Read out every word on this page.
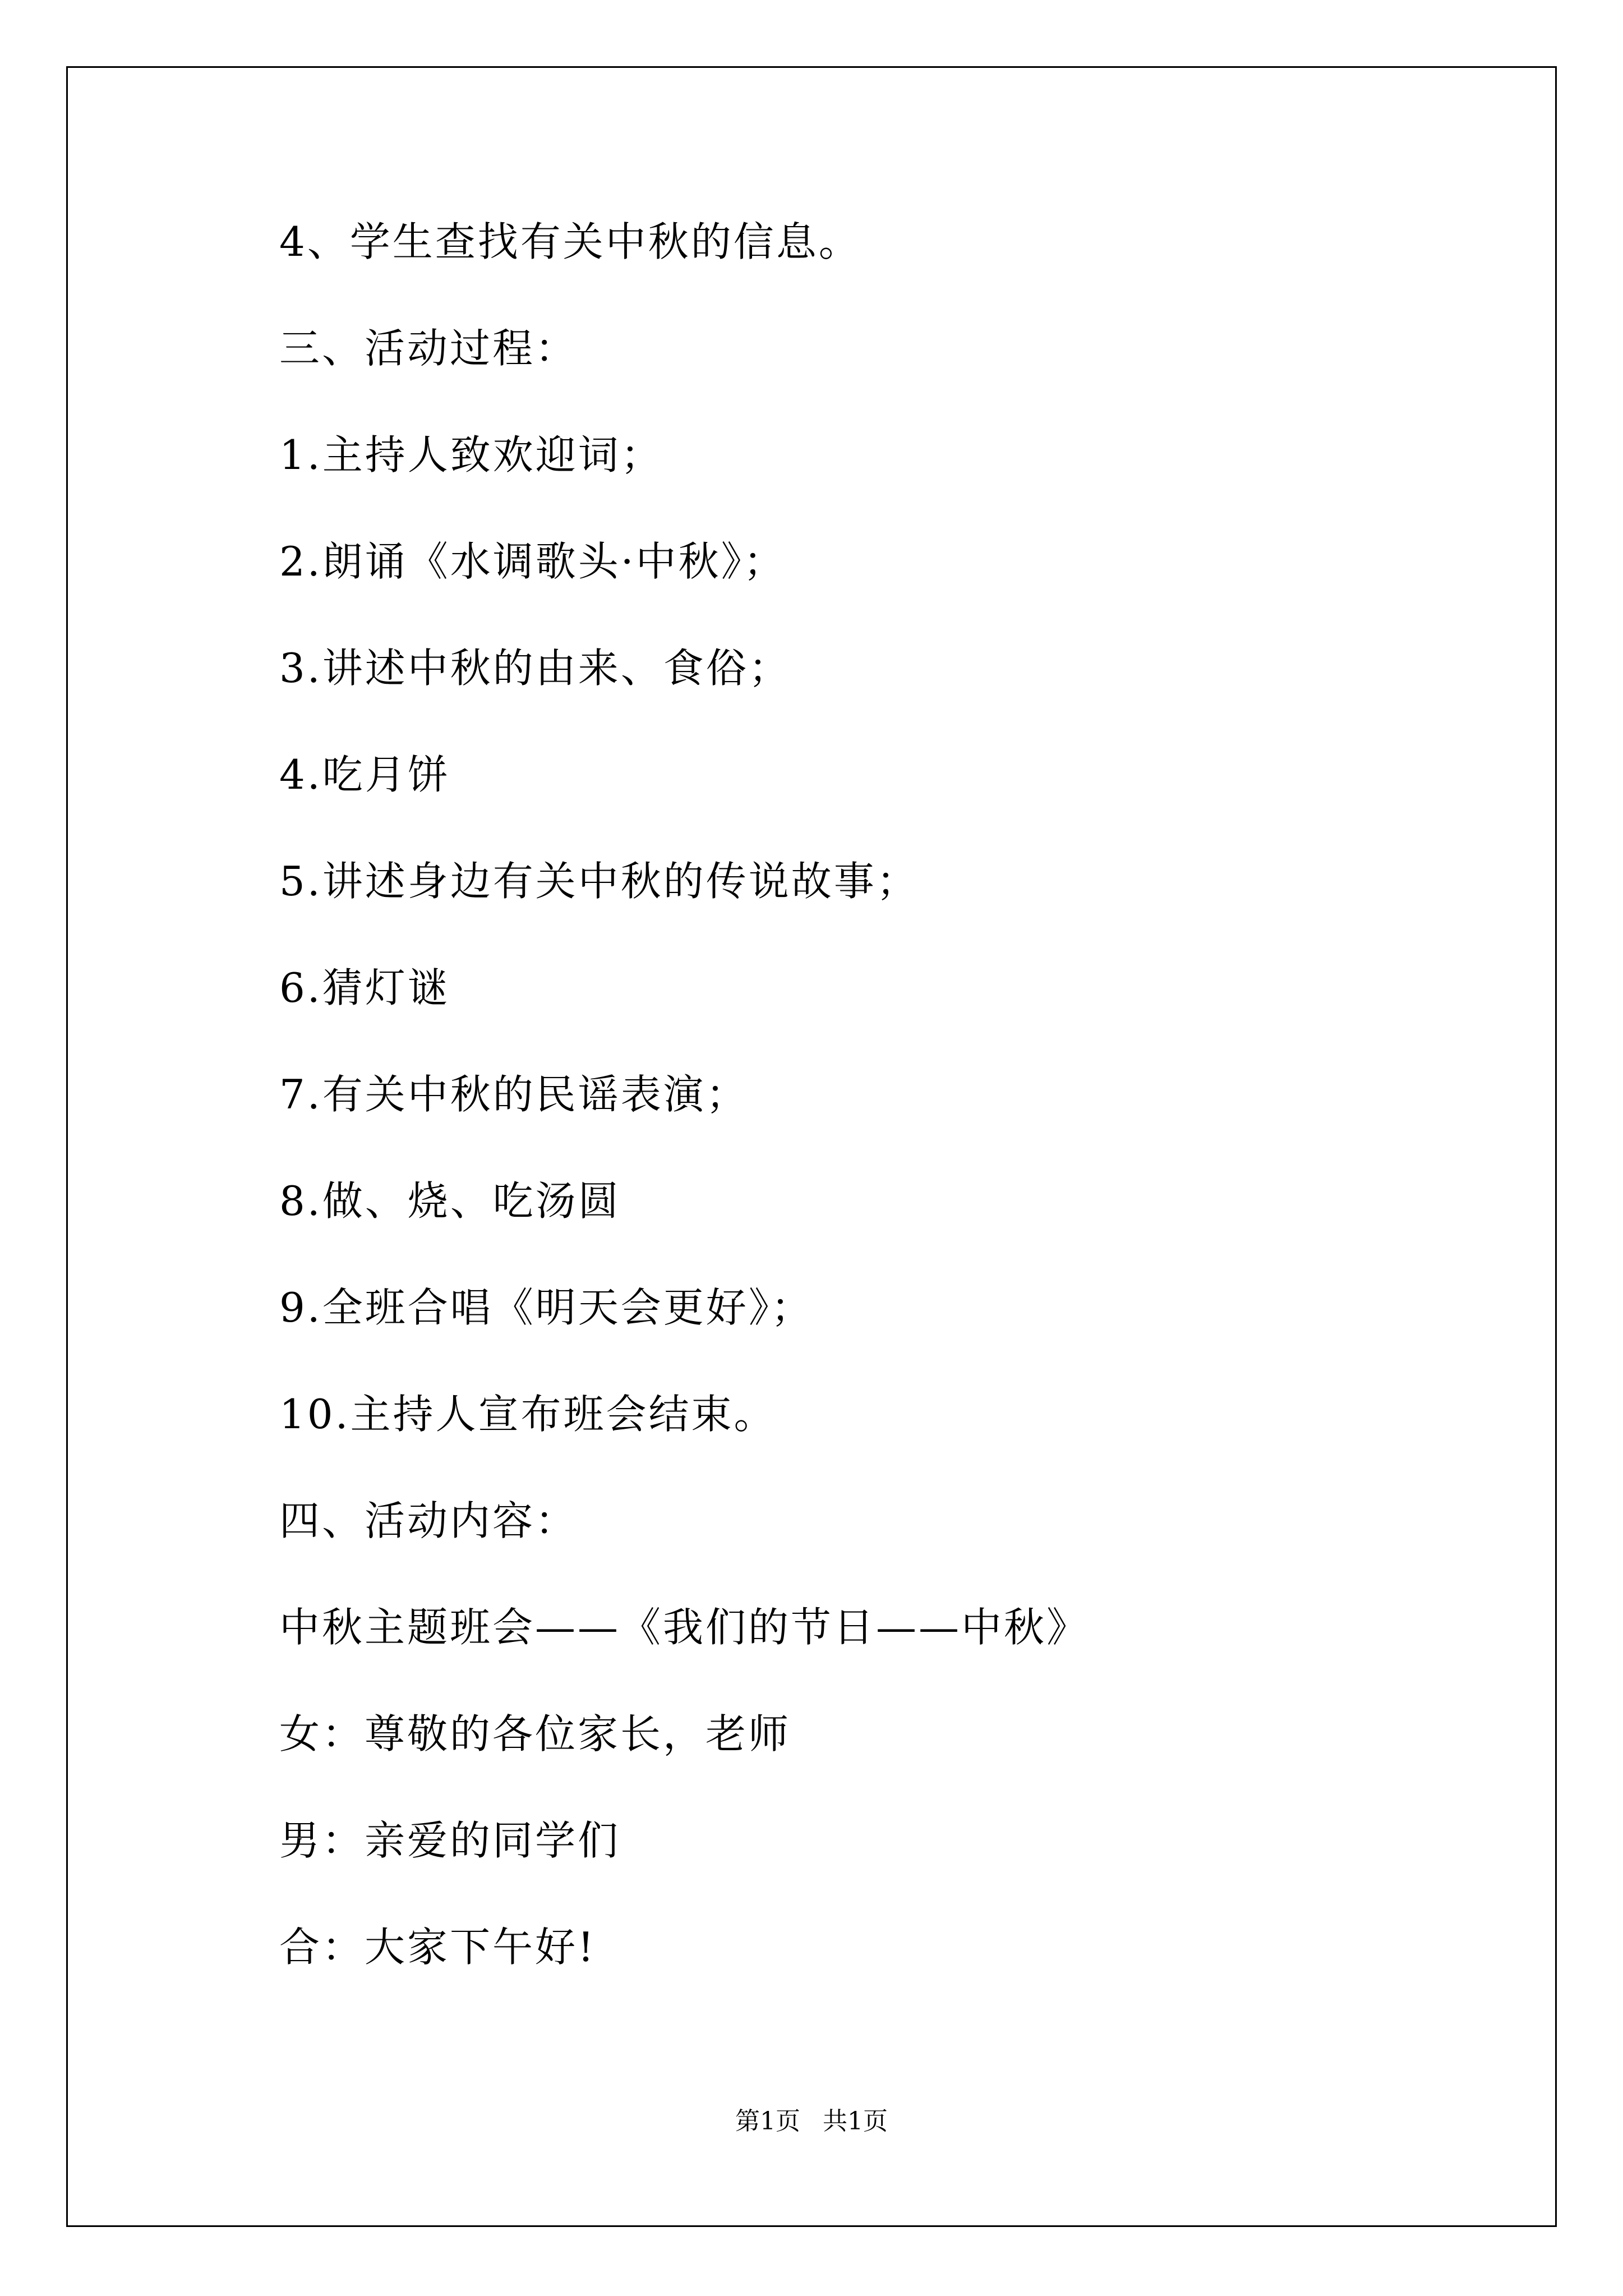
4、学生查找有关中秋的信息。
三、活动过程：
1.主持人致欢迎词；
2.朗诵《水调歌头·中秋》；
3.讲述中秋的由来、食俗；
4.吃月饼
5.讲述身边有关中秋的传说故事；
6.猜灯谜
7.有关中秋的民谣表演；
8.做、烧、吃汤圆
9.全班合唱《明天会更好》；
10.主持人宣布班会结束。
四、活动内容：
中秋主题班会——《我们的节日——中秋》
女：尊敬的各位家长，老师
男：亲爱的同学们
合：大家下午好!
第1页 共1页
